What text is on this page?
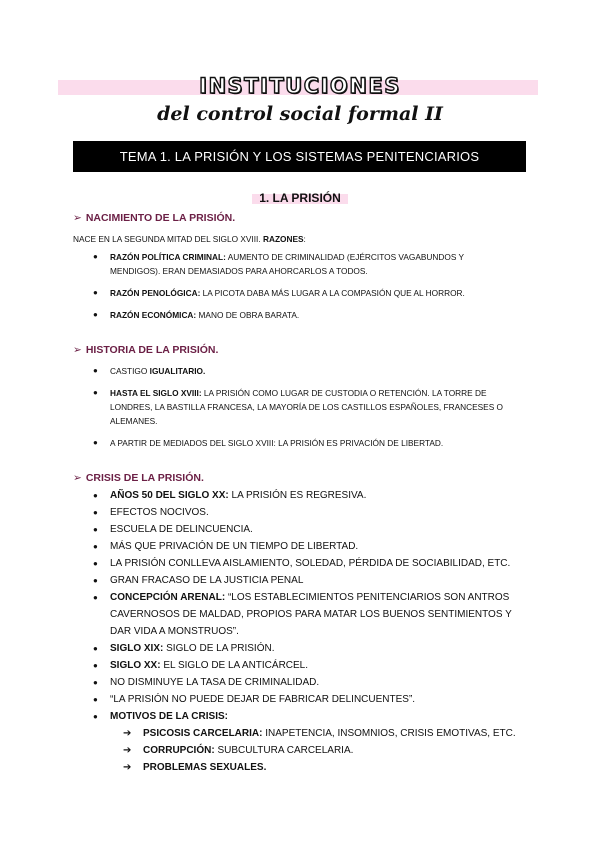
INSTITUCIONES
del control social formal II
TEMA 1. LA PRISIÓN Y LOS SISTEMAS PENITENCIARIOS
1. LA PRISIÓN
➢ NACIMIENTO DE LA PRISIÓN.
NACE EN LA SEGUNDA MITAD DEL SIGLO XVIII. RAZONES:
● RAZÓN POLÍTICA CRIMINAL: AUMENTO DE CRIMINALIDAD (EJÉRCITOS VAGABUNDOS Y MENDIGOS). ERAN DEMASIADOS PARA AHORCARLOS A TODOS.
● RAZÓN PENOLÓGICA: LA PICOTA DABA MÁS LUGAR A LA COMPASIÓN QUE AL HORROR.
● RAZÓN ECONÓMICA: MANO DE OBRA BARATA.
➢ HISTORIA DE LA PRISIÓN.
● CASTIGO IGUALITARIO.
● HASTA EL SIGLO XVIII: LA PRISIÓN COMO LUGAR DE CUSTODIA O RETENCIÓN. LA TORRE DE LONDRES, LA BASTILLA FRANCESA, LA MAYORÍA DE LOS CASTILLOS ESPAÑOLES, FRANCESES O ALEMANES.
● A PARTIR DE MEDIADOS DEL SIGLO XVIII: LA PRISIÓN ES PRIVACIÓN DE LIBERTAD.
➢ CRISIS DE LA PRISIÓN.
● AÑOS 50 DEL SIGLO XX: LA PRISIÓN ES REGRESIVA.
● EFECTOS NOCIVOS.
● ESCUELA DE DELINCUENCIA.
● MÁS QUE PRIVACIÓN DE UN TIEMPO DE LIBERTAD.
● LA PRISIÓN CONLLEVA AISLAMIENTO, SOLEDAD, PÉRDIDA DE SOCIABILIDAD, ETC.
● GRAN FRACASO DE LA JUSTICIA PENAL
● CONCEPCIÓN ARENAL: “LOS ESTABLECIMIENTOS PENITENCIARIOS SON ANTROS CAVERNOSOS DE MALDAD, PROPIOS PARA MATAR LOS BUENOS SENTIMIENTOS Y DAR VIDA A MONSTRUOS”.
● SIGLO XIX: SIGLO DE LA PRISIÓN.
● SIGLO XX: EL SIGLO DE LA ANTICÁRCEL.
● NO DISMINUYE LA TASA DE CRIMINALIDAD.
● “LA PRISIÓN NO PUEDE DEJAR DE FABRICAR DELINCUENTES”.
● MOTIVOS DE LA CRISIS:
➔ PSICOSIS CARCELARIA: INAPETENCIA, INSOMNIOS, CRISIS EMOTIVAS, ETC.
➔ CORRUPCIÓN: SUBCULTURA CARCELARIA.
➔ PROBLEMAS SEXUALES.
